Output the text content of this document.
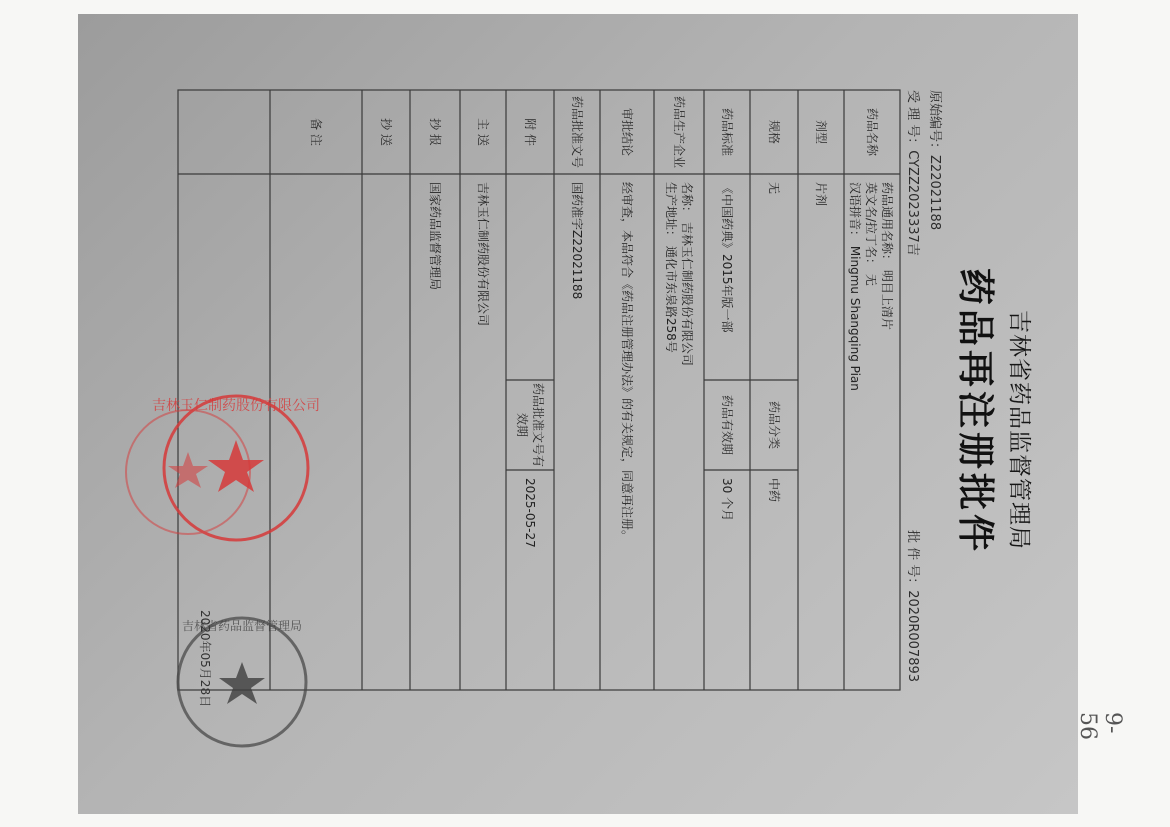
吉林省药品监督管理局
药品再注册批件
原始编号：Z22021188
受 理 号：CYZZ2023337吉
批 件 号：2020R007893
药品名称
药品通用名称： 明目上清片
英文名/拉丁名： 无
汉语拼音： Mingmu Shangqing Pian
剂型
片剂
规格
无
药品分类
中药
药品标准
《中国药典》2015年版一部
药品有效期
30 个月
药品生产企业
名称： 吉林玉仁制药股份有限公司
生产地址： 通化市东泉路258号
审批结论
经审查，本品符合《药品注册管理办法》的有关规定，同意再注册。
药品批准文号
国药准字Z22021188
药品批准文号有效期
2025-05-27
附 件
主 送
吉林玉仁制药股份有限公司
抄 报
国家药品监督管理局
抄 送
备 注
吉林玉仁制药股份有限公司
吉林省药品监督管理局
2020年05月28日
9-56
